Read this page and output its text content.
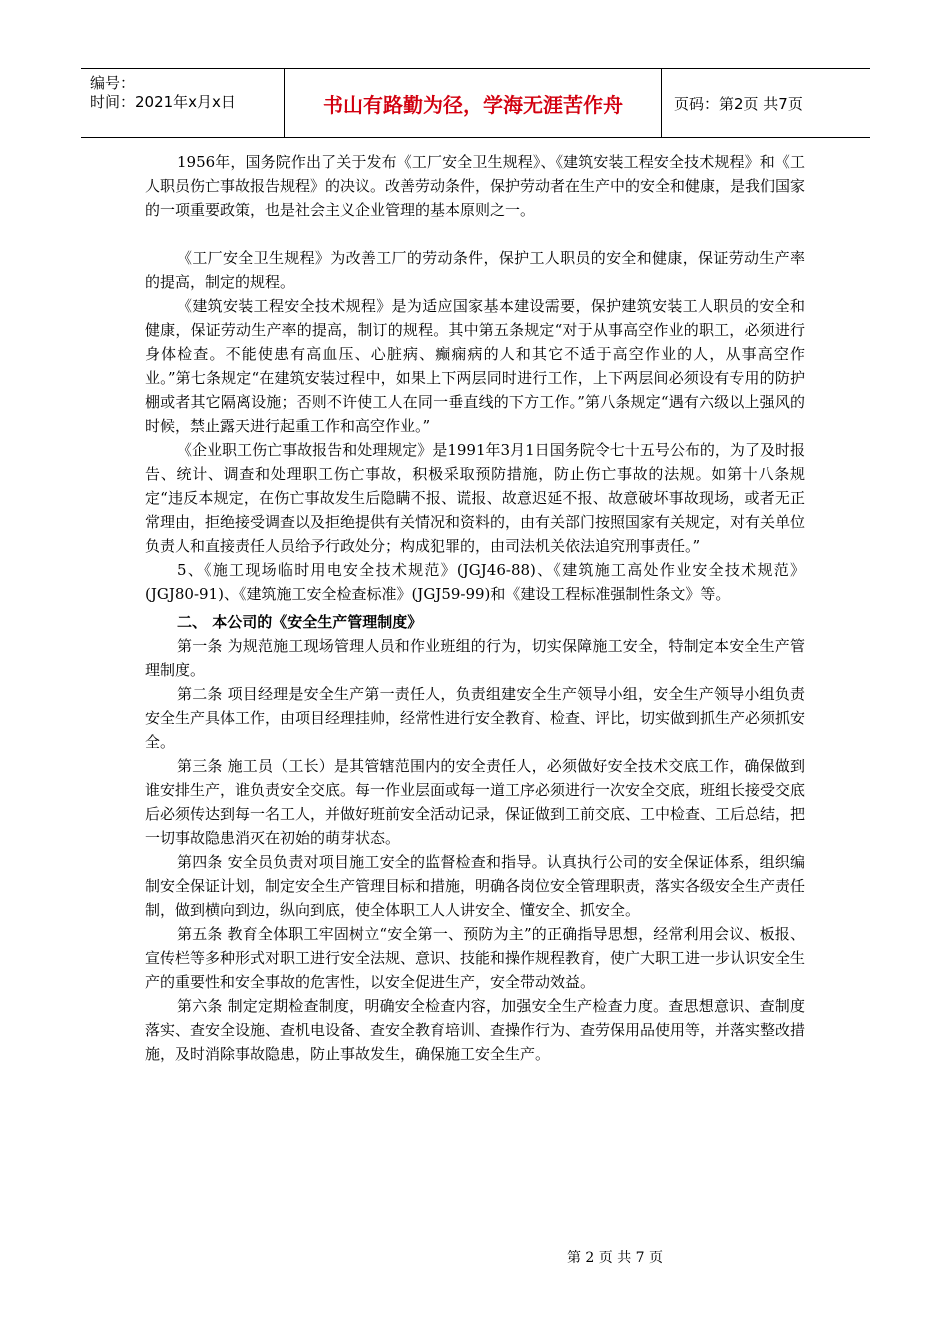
编号：
时间：2021年x月x日	书山有路勤为径，学海无涯苦作舟	页码：第2页 共7页

1956年，国务院作出了关于发布《工厂安全卫生规程》、《建筑安装工程安全技术规程》和《工人职员伤亡事故报告规程》的决议。改善劳动条件，保护劳动者在生产中的安全和健康，是我们国家的一项重要政策，也是社会主义企业管理的基本原则之一。

《工厂安全卫生规程》为改善工厂的劳动条件，保护工人职员的安全和健康，保证劳动生产率的提高，制定的规程。

《建筑安装工程安全技术规程》是为适应国家基本建设需要，保护建筑安装工人职员的安全和健康，保证劳动生产率的提高，制订的规程。其中第五条规定“对于从事高空作业的职工，必须进行身体检查。不能使患有高血压、心脏病、癫痫病的人和其它不适于高空作业的人，从事高空作业。”第七条规定“在建筑安装过程中，如果上下两层同时进行工作，上下两层间必须设有专用的防护棚或者其它隔离设施；否则不许使工人在同一垂直线的下方工作。”第八条规定“遇有六级以上强风的时候，禁止露天进行起重工作和高空作业。”

《企业职工伤亡事故报告和处理规定》是1991年3月1日国务院令七十五号公布的，为了及时报告、统计、调查和处理职工伤亡事故，积极采取预防措施，防止伤亡事故的法规。如第十八条规定“违反本规定，在伤亡事故发生后隐瞒不报、谎报、故意迟延不报、故意破坏事故现场，或者无正常理由，拒绝接受调查以及拒绝提供有关情况和资料的，由有关部门按照国家有关规定，对有关单位负责人和直接责任人员给予行政处分；构成犯罪的，由司法机关依法追究刑事责任。”

5、《施工现场临时用电安全技术规范》(JGJ46-88)、《建筑施工高处作业安全技术规范》(JGJ80-91)、《建筑施工安全检查标准》(JGJ59-99)和《建设工程标准强制性条文》等。

二、 本公司的《安全生产管理制度》

第一条 为规范施工现场管理人员和作业班组的行为，切实保障施工安全，特制定本安全生产管理制度。

第二条 项目经理是安全生产第一责任人，负责组建安全生产领导小组，安全生产领导小组负责安全生产具体工作，由项目经理挂帅，经常性进行安全教育、检查、评比，切实做到抓生产必须抓安全。

第三条 施工员（工长）是其管辖范围内的安全责任人，必须做好安全技术交底工作，确保做到谁安排生产，谁负责安全交底。每一作业层面或每一道工序必须进行一次安全交底，班组长接受交底后必须传达到每一名工人，并做好班前安全活动记录，保证做到工前交底、工中检查、工后总结，把一切事故隐患消灭在初始的萌芽状态。

第四条 安全员负责对项目施工安全的监督检查和指导。认真执行公司的安全保证体系，组织编制安全保证计划，制定安全生产管理目标和措施，明确各岗位安全管理职责，落实各级安全生产责任制，做到横向到边，纵向到底，使全体职工人人讲安全、懂安全、抓安全。

第五条 教育全体职工牢固树立“安全第一、预防为主”的正确指导思想，经常利用会议、板报、宣传栏等多种形式对职工进行安全法规、意识、技能和操作规程教育，使广大职工进一步认识安全生产的重要性和安全事故的危害性，以安全促进生产，安全带动效益。

第六条 制定定期检查制度，明确安全检查内容，加强安全生产检查力度。查思想意识、查制度落实、查安全设施、查机电设备、查安全教育培训、查操作行为、查劳保用品使用等，并落实整改措施，及时消除事故隐患，防止事故发生，确保施工安全生产。

第 2 页 共 7 页
